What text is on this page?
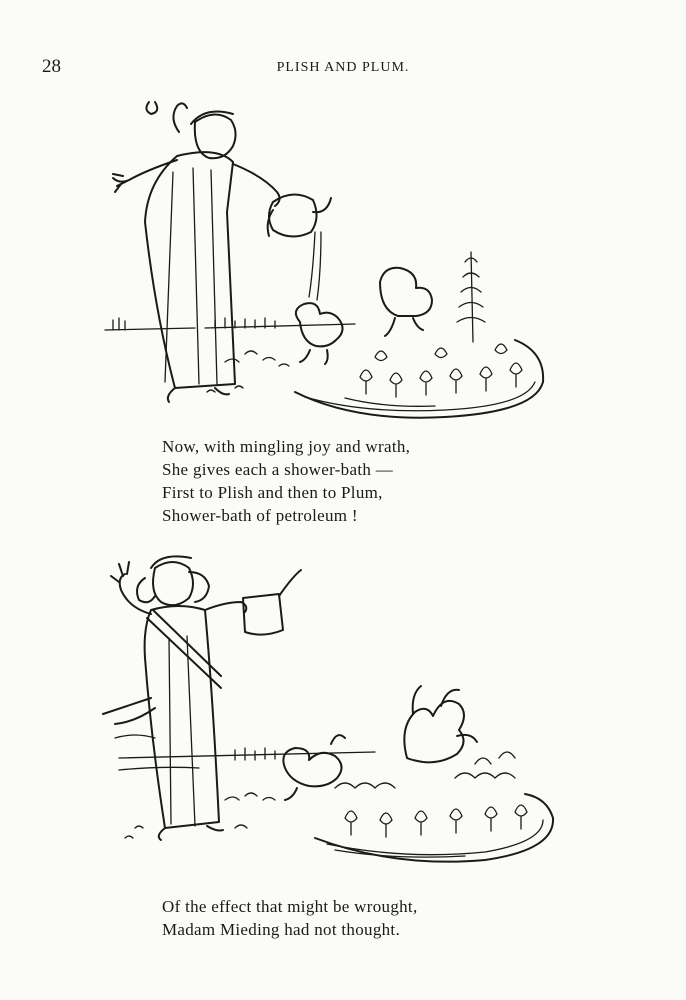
28	PLISH AND PLUM.
Now, with mingling joy and wrath,
She gives each a shower-bath —
First to Plish and then to Plum,
Shower-bath of petroleum !
Of the effect that might be wrought,
Madam Mieding had not thought.
